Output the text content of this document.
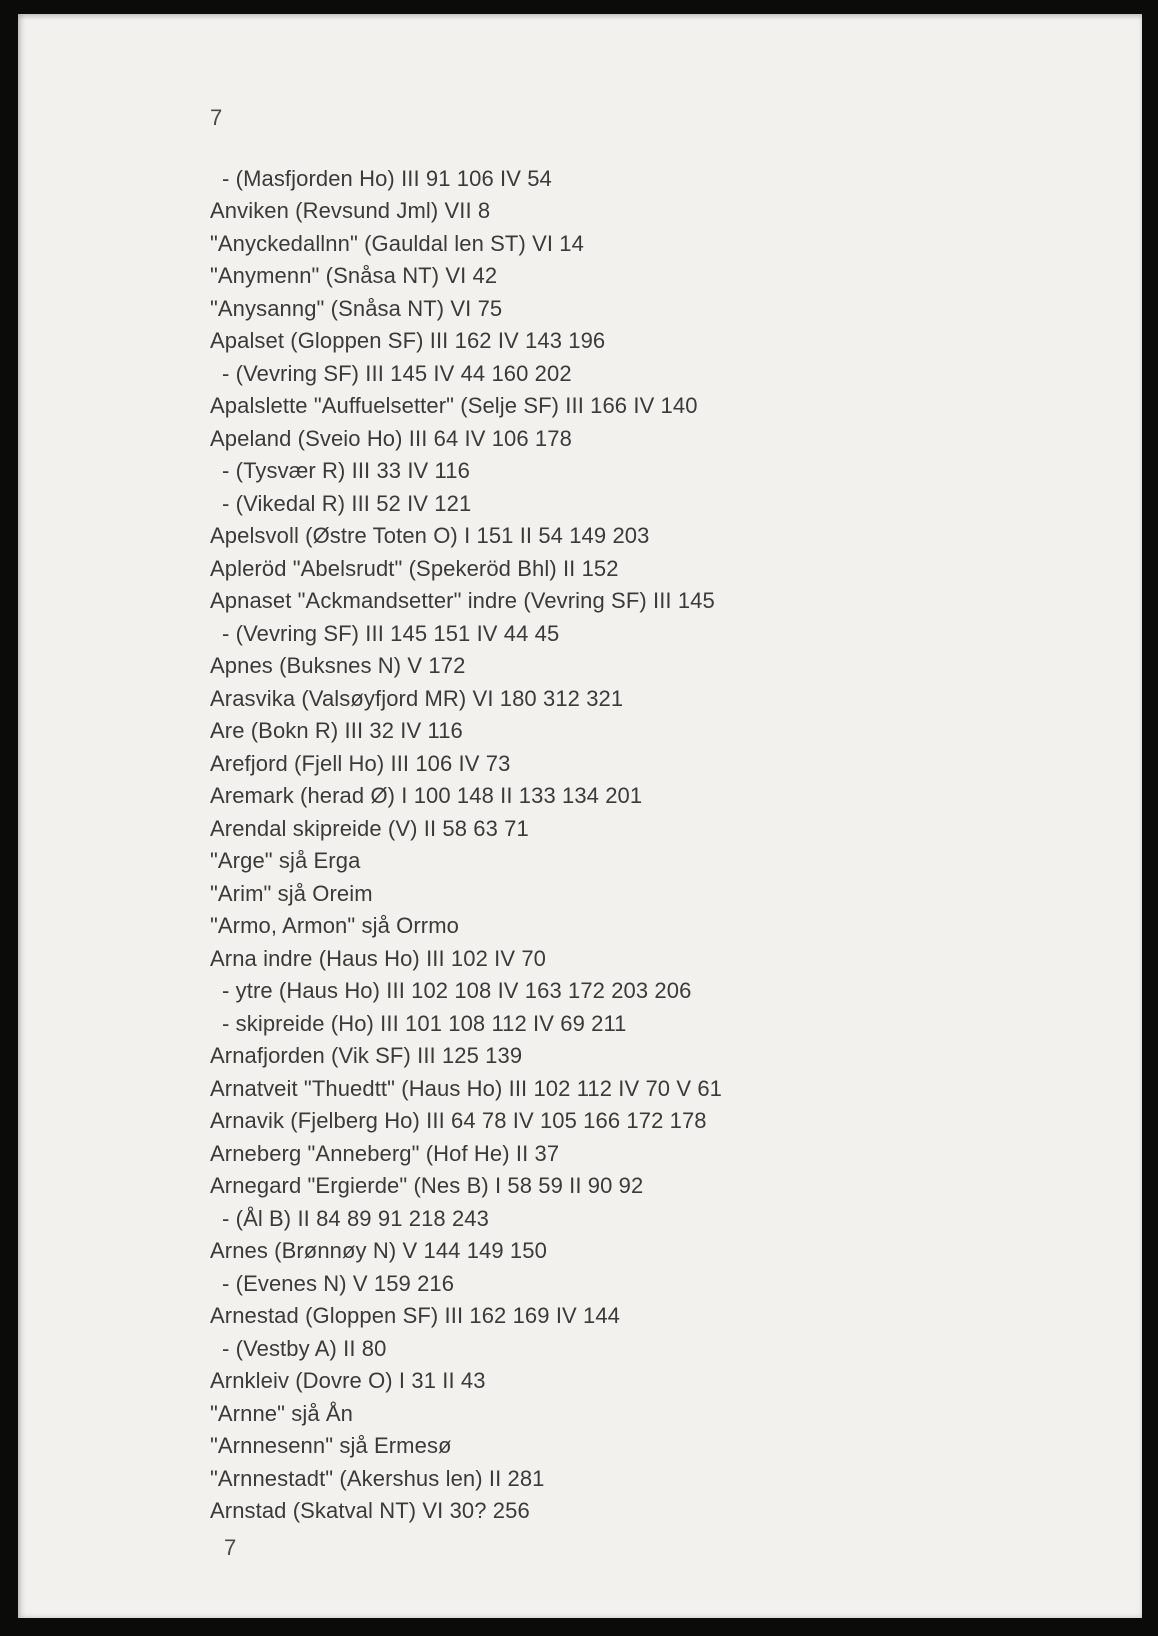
7
- (Masfjorden Ho) III 91 106 IV 54
Anviken (Revsund Jml) VII 8
"Anyckedallnn" (Gauldal len ST) VI 14
"Anymenn" (Snåsa NT) VI 42
"Anysanng" (Snåsa NT) VI 75
Apalset (Gloppen SF) III 162 IV 143 196
- (Vevring SF) III 145 IV 44 160 202
Apalslette "Auffuelsetter" (Selje SF) III 166 IV 140
Apeland (Sveio Ho) III 64 IV 106 178
- (Tysvær R) III 33 IV 116
- (Vikedal R) III 52 IV 121
Apelsvoll (Østre Toten O) I 151 II 54 149 203
Apleröd "Abelsrudt" (Spekeröd Bhl) II 152
Apnaset "Ackmandsetter" indre (Vevring SF) III 145
- (Vevring SF) III 145 151 IV 44 45
Apnes (Buksnes N) V 172
Arasvika (Valsøyfjord MR) VI 180 312 321
Are (Bokn R) III 32 IV 116
Arefjord (Fjell Ho) III 106 IV 73
Aremark (herad Ø) I 100 148 II 133 134 201
Arendal skipreide (V) II 58 63 71
"Arge" sjå Erga
"Arim" sjå Oreim
"Armo, Armon" sjå Orrmo
Arna indre (Haus Ho) III 102 IV 70
- ytre (Haus Ho) III 102 108 IV 163 172 203 206
- skipreide (Ho) III 101 108 112 IV 69 211
Arnafjorden (Vik SF) III 125 139
Arnatveit "Thuedtt" (Haus Ho) III 102 112 IV 70 V 61
Arnavik (Fjelberg Ho) III 64 78 IV 105 166 172 178
Arneberg "Anneberg" (Hof He) II 37
Arnegard "Ergierde" (Nes B) I 58 59 II 90 92
- (Ål B) II 84 89 91 218 243
Arnes (Brønnøy N) V 144 149 150
- (Evenes N) V 159 216
Arnestad (Gloppen SF) III 162 169 IV 144
- (Vestby A) II 80
Arnkleiv (Dovre O) I 31 II 43
"Arnne" sjå Ån
"Arnnesenn" sjå Ermesø
"Arnnestadt" (Akershus len) II 281
Arnstad (Skatval NT) VI 30? 256
7
